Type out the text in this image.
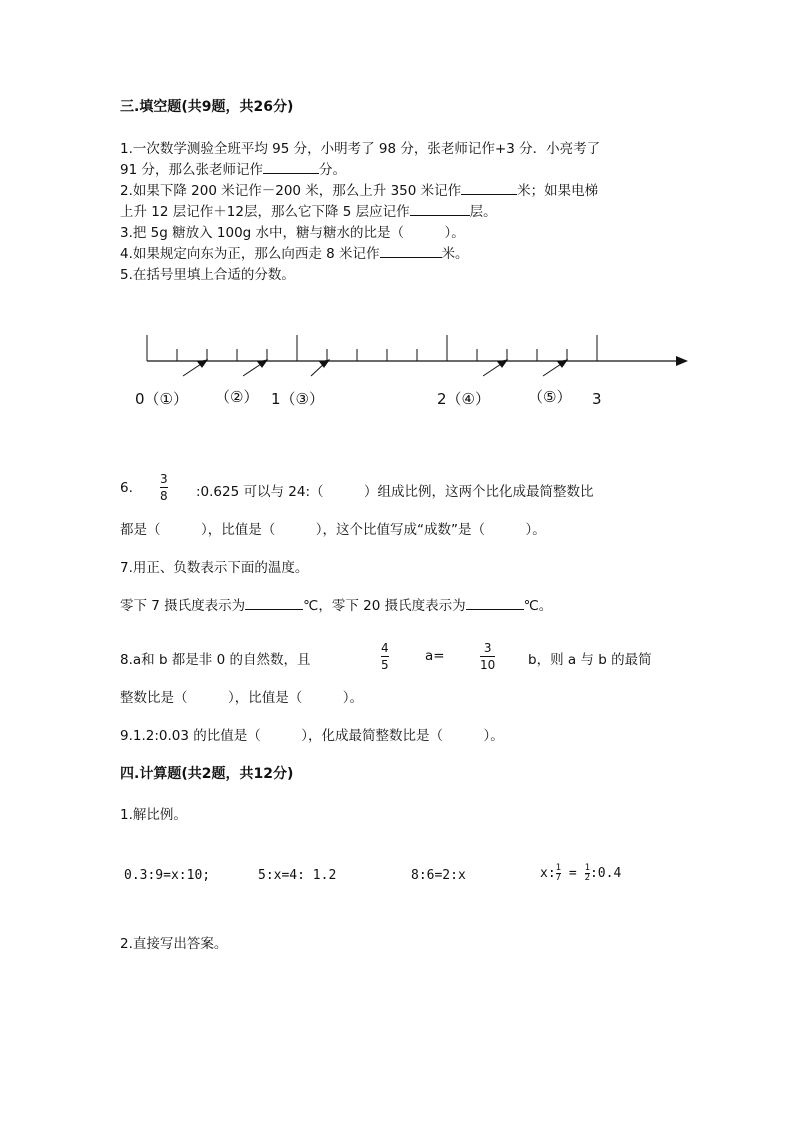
三.填空题(共9题，共26分)
1.一次数学测验全班平均 95 分，小明考了 98 分，张老师记作+3 分．小亮考了
91 分，那么张老师记作	分。
2.如果下降 200 米记作－200 米，那么上升 350 米记作	米；如果电梯
上升 12 层记作＋12层，那么它下降 5 层应记作	层。
3.把 5g 糖放入 100g 水中，糖与糖水的比是（　　　）。
4.如果规定向东为正，那么向西走 8 米记作	米。
5.在括号里填上合适的分数。
0（①） （②） 1（③）	2（④）	（⑤） 3
6.
3
8 :0.625 可以与 24:（　　　）组成比例，这两个比化成最简整数比
都是（　　　），比值是（　　　），这个比值写成“成数”是（　　　）。
7.用正、负数表示下面的温度。
零下 7 摄氏度表示为	℃，零下 20 摄氏度表示为	℃。
8.a和 b 都是非 0 的自然数，且
4
5
a=	3
10 b，则 a 与 b 的最简
整数比是（　　　），比值是（　　　）。
9.1.2:0.03 的比值是（　　　），化成最简整数比是（　　　）。
四.计算题(共2题，共12分)
1.解比例。
0.3:9=x:10;	5:x=4: 1.2	8:6=2:x	x: $\frac{1}{7} = \frac{1}{2}$ :0.4
2.直接写出答案。
